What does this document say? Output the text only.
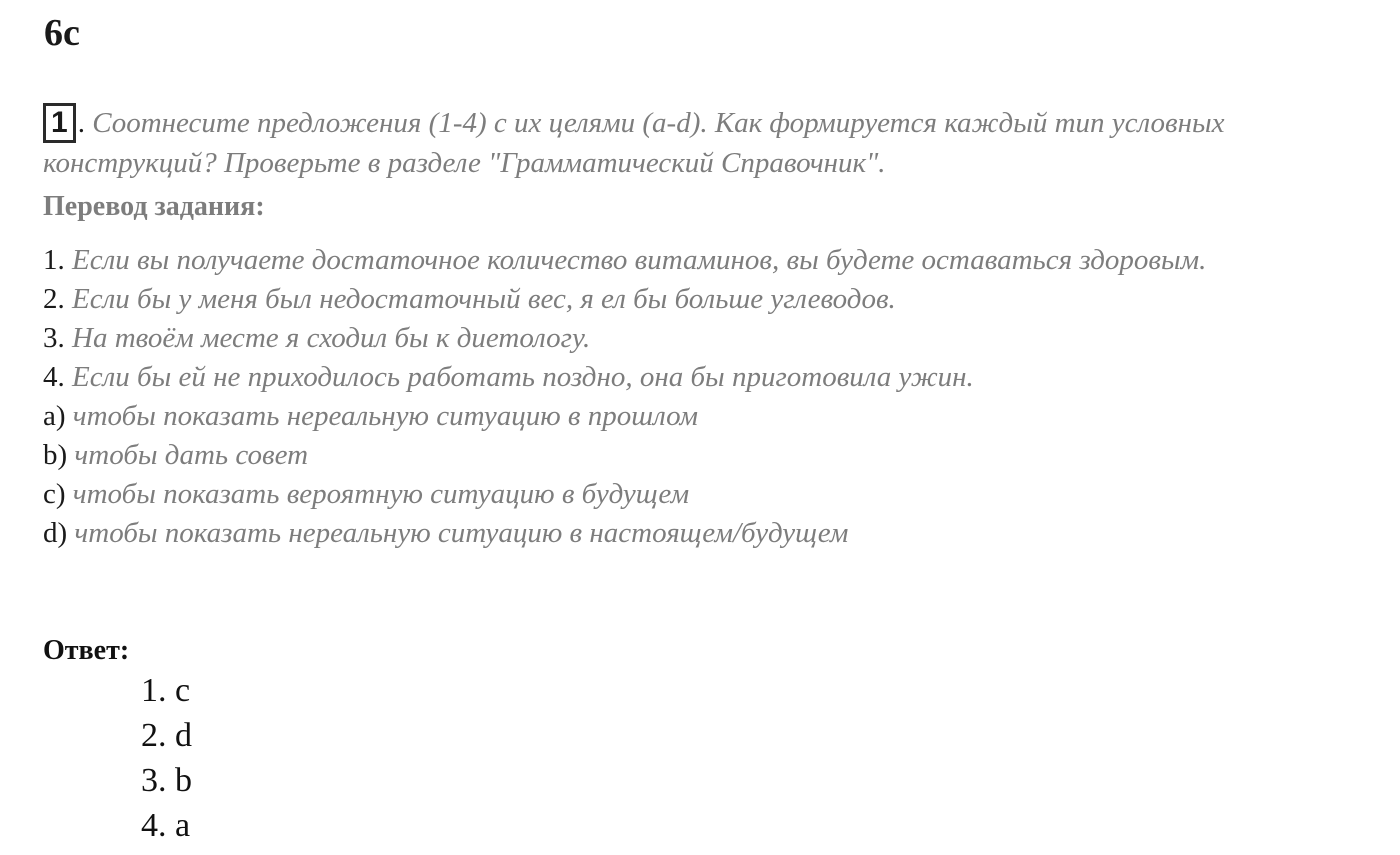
6c
1 . Соотнесите предложения (1-4) с их целями (a-d). Как формируется каждый тип условных конструкций? Проверьте в разделе "Грамматический Справочник".
Перевод задания:

1. Если вы получаете достаточное количество витаминов, вы будете оставаться здоровым.

2. Если бы у меня был недостаточный вес, я ел бы больше углеводов.

3. На твоём месте я сходил бы к диетологу.

4. Если бы ей не приходилось работать поздно, она бы приготовила ужин.

a) чтобы показать нереальную ситуацию в прошлом

b) чтобы дать совет

c) чтобы показать вероятную ситуацию в будущем

d) чтобы показать нереальную ситуацию в настоящем/будущем

Ответ:

1. c

2. d

3. b

4. a
